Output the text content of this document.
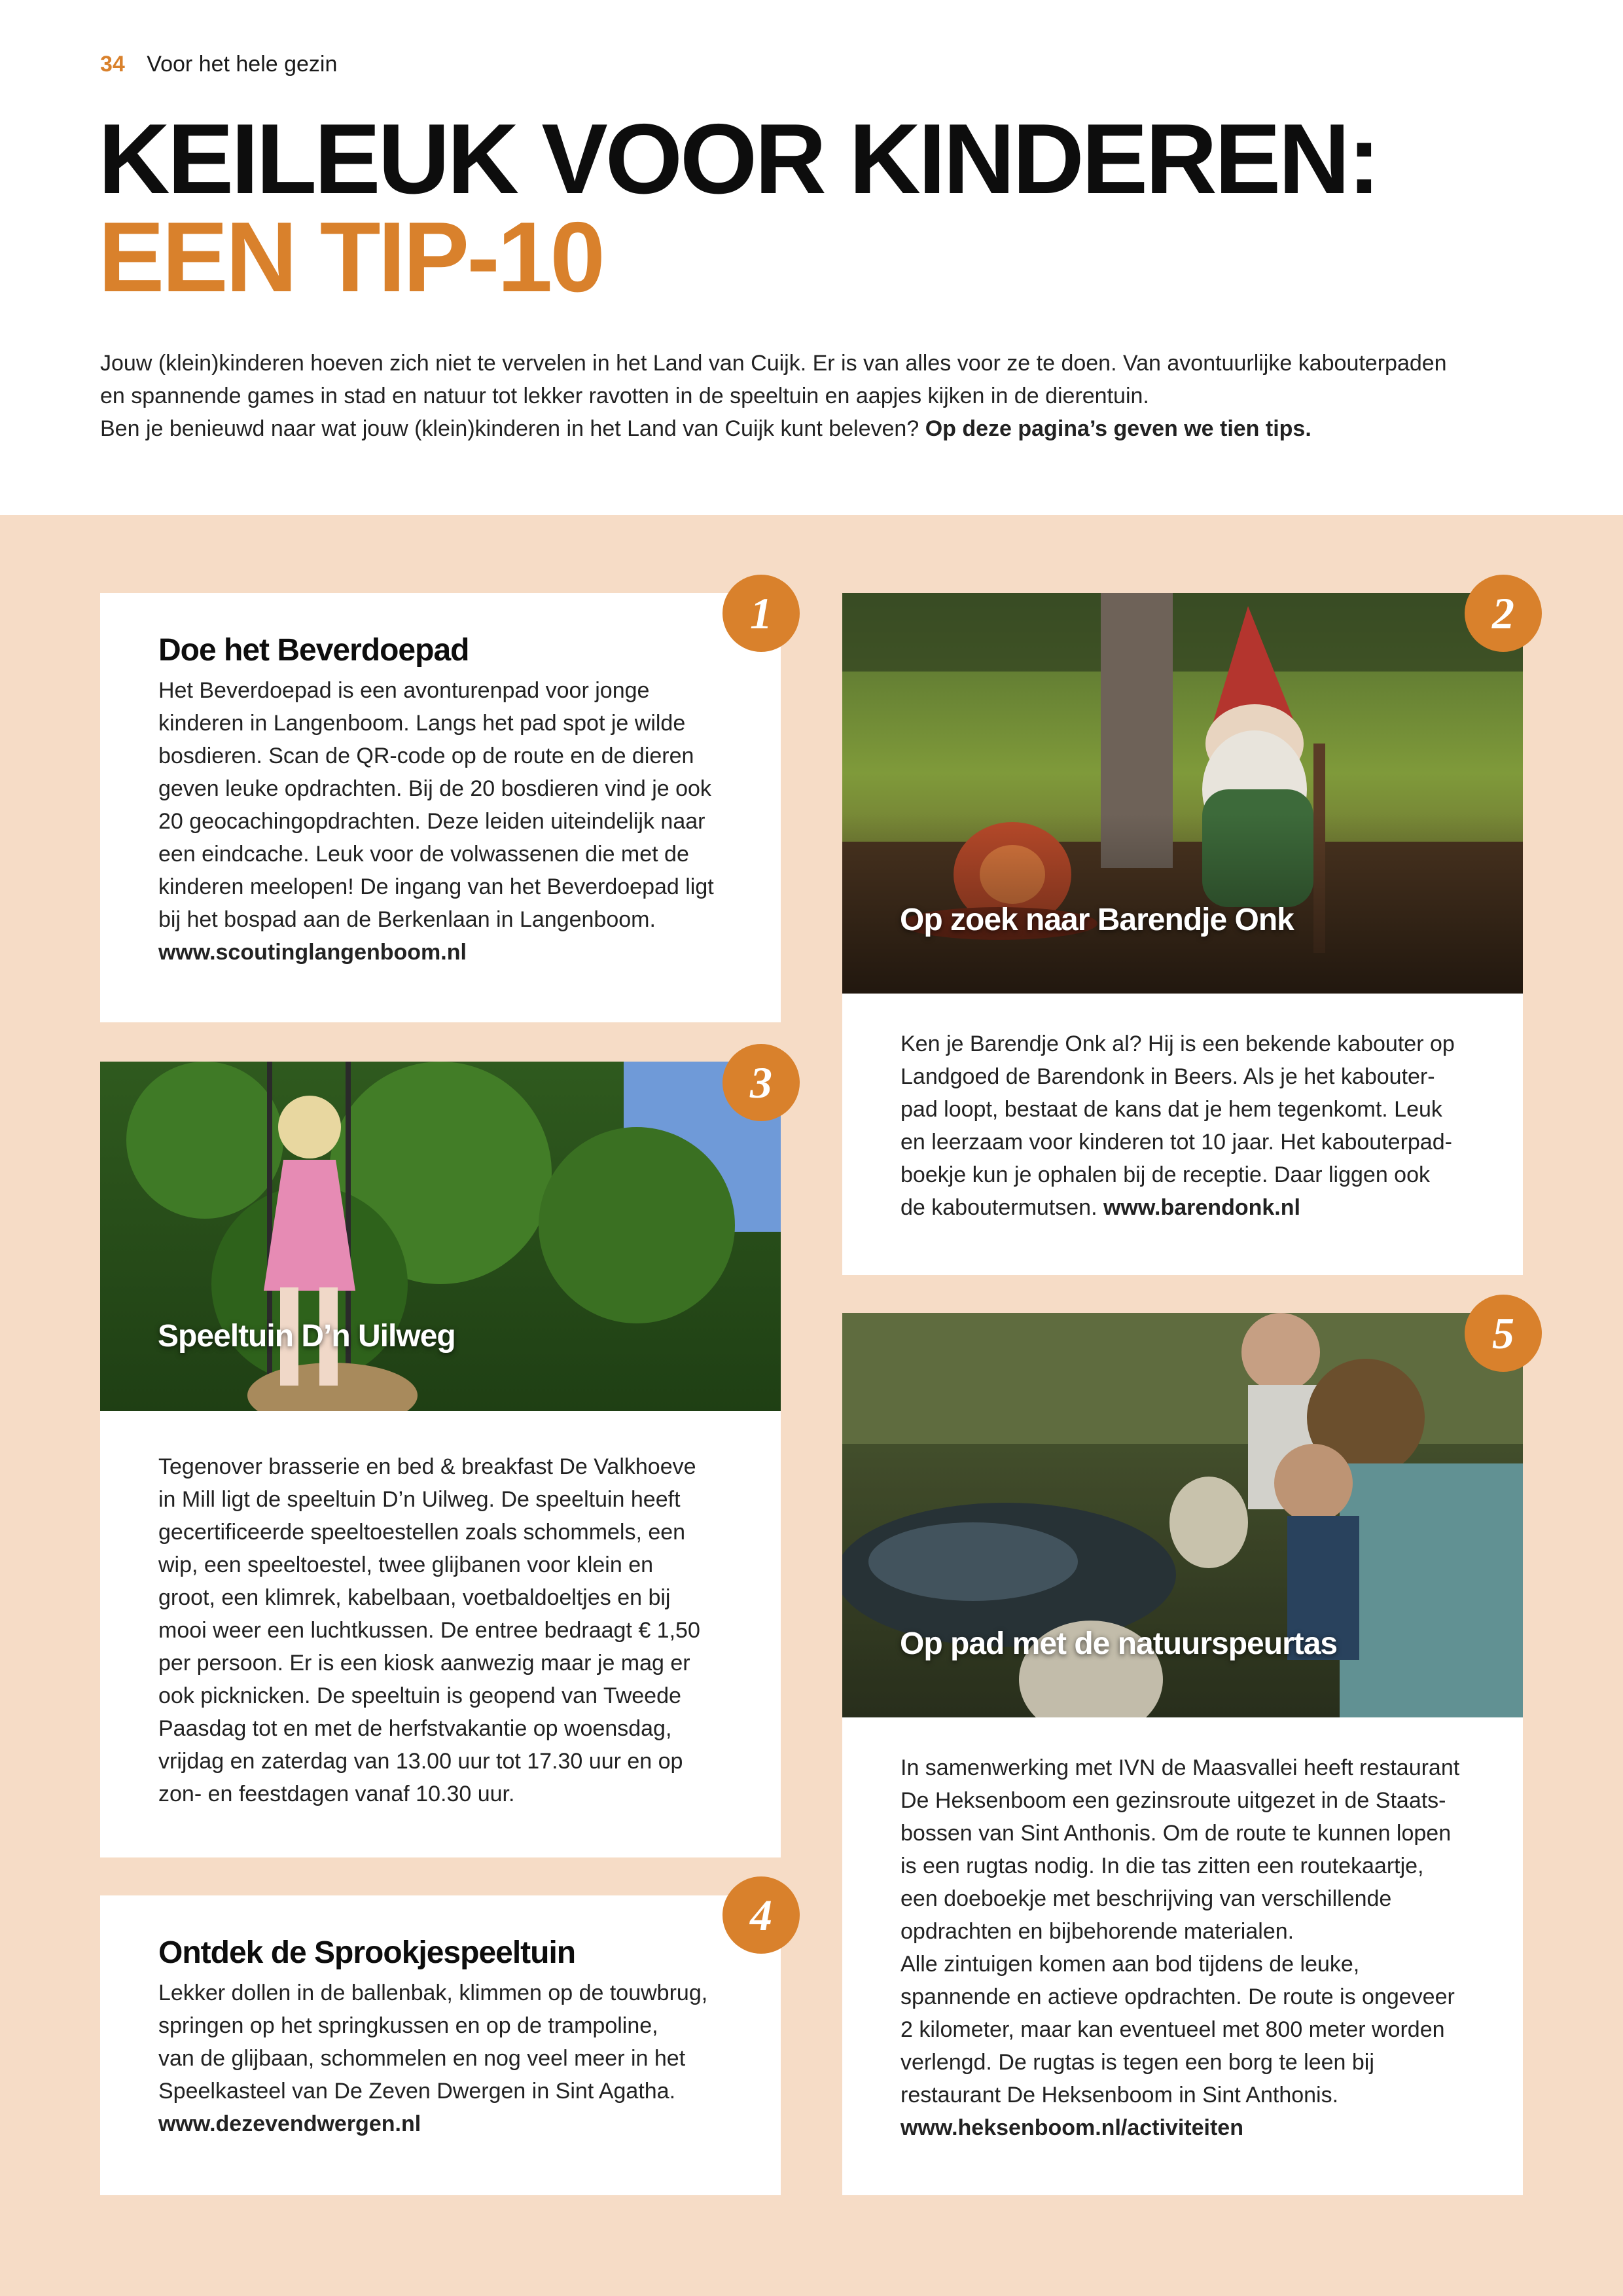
34 Voor het hele gezin
KEILEUK VOOR KINDEREN:
EEN TIP-10

Jouw (klein)kinderen hoeven zich niet te vervelen in het Land van Cuijk. Er is van alles voor ze te doen. Van avontuurlijke kabouterpaden

en spannende games in stad en natuur tot lekker ravotten in de speeltuin en aapjes kijken in de dierentuin.

Ben je benieuwd naar wat jouw (klein)kinderen in het Land van Cuijk kunt beleven? Op deze pagina’s geven we tien tips.

Doe het Beverdoepad
Het Beverdoepad is een avonturenpad voor jonge
kinderen in Langenboom. Langs het pad spot je wilde
bosdieren. Scan de QR-code op de route en de dieren
geven leuke opdrachten. Bij de 20 bosdieren vind je ook
20 geocachingopdrachten. Deze leiden uiteindelijk naar
een eindcache. Leuk voor de volwassenen die met de
kinderen meelopen! De ingang van het Beverdoepad ligt
bij het bospad aan de Berkenlaan in Langenboom.
www.scoutinglangenboom.nl
1
Op zoek naar Barendje Onk
Ken je Barendje Onk al? Hij is een bekende kabouter op
Landgoed de Barendonk in Beers. Als je het kabouter-
pad loopt, bestaat de kans dat je hem tegenkomt. Leuk
en leerzaam voor kinderen tot 10 jaar. Het kabouterpad-
boekje kun je ophalen bij de receptie. Daar liggen ook
de kaboutermutsen. www.barendonk.nl
2
Speeltuin D’n Uilweg
Tegenover brasserie en bed & breakfast De Valkhoeve
in Mill ligt de speeltuin D’n Uilweg. De speeltuin heeft
gecertificeerde speeltoestellen zoals schommels, een
wip, een speeltoestel, twee glijbanen voor klein en
groot, een klimrek, kabelbaan, voetbaldoeltjes en bij
mooi weer een luchtkussen. De entree bedraagt € 1,50
per persoon. Er is een kiosk aanwezig maar je mag er
ook picknicken. De speeltuin is geopend van Tweede
Paasdag tot en met de herfstvakantie op woensdag,
vrijdag en zaterdag van 13.00 uur tot 17.30 uur en op
zon- en feestdagen vanaf 10.30 uur.
3
Ontdek de Sprookjespeeltuin
Lekker dollen in de ballenbak, klimmen op de touwbrug,
springen op het springkussen en op de trampoline,
van de glijbaan, schommelen en nog veel meer in het
Speelkasteel van De Zeven Dwergen in Sint Agatha.
www.dezevendwergen.nl
4
Op pad met de natuurspeurtas
In samenwerking met IVN de Maasvallei heeft restaurant
De Heksenboom een gezinsroute uitgezet in de Staats-
bossen van Sint Anthonis. Om de route te kunnen lopen
is een rugtas nodig. In die tas zitten een routekaartje,
een doeboekje met beschrijving van verschillende
opdrachten en bijbehorende materialen.
Alle zintuigen komen aan bod tijdens de leuke,
spannende en actieve opdrachten. De route is ongeveer
2 kilometer, maar kan eventueel met 800 meter worden
verlengd. De rugtas is tegen een borg te leen bij
restaurant De Heksenboom in Sint Anthonis.
www.heksenboom.nl/activiteiten
5
